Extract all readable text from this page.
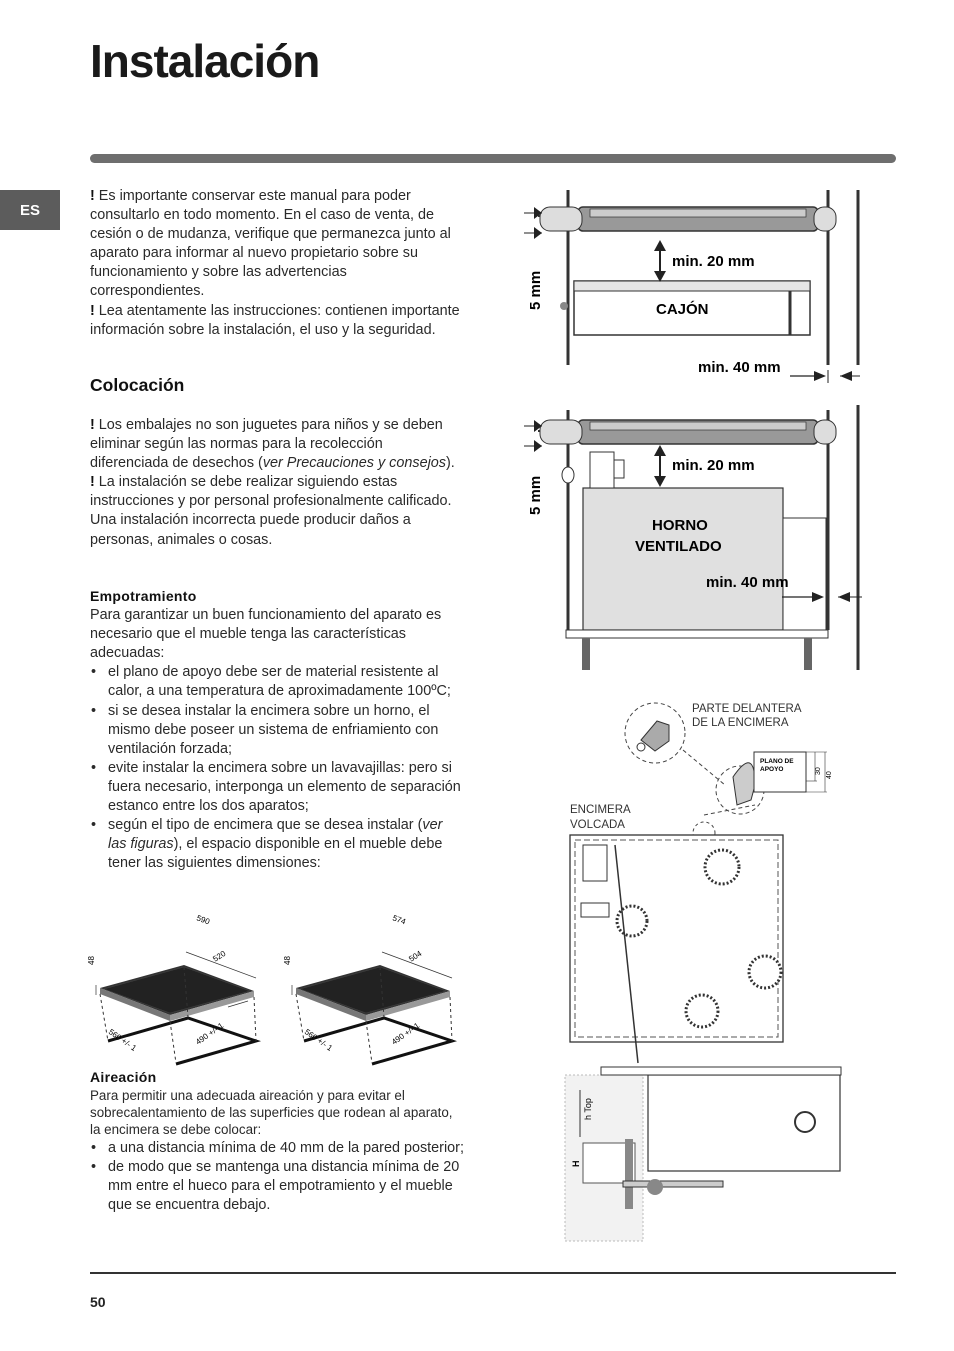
Instalación
ES

! Es importante conservar este manual para poder consultarlo en todo momento. En el caso de venta, de cesión o de mudanza, verifique que permanezca junto al aparato para informar al nuevo propietario sobre su funcionamiento y sobre las advertencias correspondientes.

! Lea atentamente las instrucciones: contienen importante información sobre la instalación, el uso y la seguridad.

Colocación

! Los embalajes no son juguetes para niños y se deben eliminar según las normas para la recolección diferenciada de desechos (ver Precauciones y consejos).

! La instalación se debe realizar siguiendo estas instrucciones y por personal profesionalmente calificado. Una instalación incorrecta puede producir daños a personas, animales o cosas.

Empotramiento

Para garantizar un buen funcionamiento del aparato es necesario que el mueble tenga las características adecuadas:

• el plano de apoyo debe ser de material resistente al calor, a una temperatura de aproximadamente 100ºC;
• si se desea instalar la encimera sobre un horno, el mismo debe poseer un sistema de enfriamiento con ventilación forzada;
• evite instalar la encimera sobre un lavavajillas: pero si fuera necesario, interponga un elemento de separación estanco entre los dos aparatos;
• según el tipo de encimera que se desea instalar (ver las figuras), el espacio disponible en el mueble debe tener las siguientes dimensiones:
590
520
48
560 +/- 1	490 +/- 1
574
504
48
560 +/- 1	490 +/- 1
Aireación

Para permitir una adecuada aireación y para evitar el sobrecalentamiento de las superficies que rodean al aparato, la encimera se debe colocar:

• a una distancia mínima de 40 mm de la pared posterior;
• de modo que se mantenga una distancia mínima de 20 mm entre el hueco para el empotramiento y el mueble que se encuentra debajo.
5 mm
min. 20 mm
CAJÓN
min. 40 mm
5 mm
min. 20 mm
HORNO
VENTILADO
min. 40 mm
PLANO DE
APOYO	30
40
PARTE DELANTERA
DE LA ENCIMERA
ENCIMERA
VOLCADA
h Top
H
50
